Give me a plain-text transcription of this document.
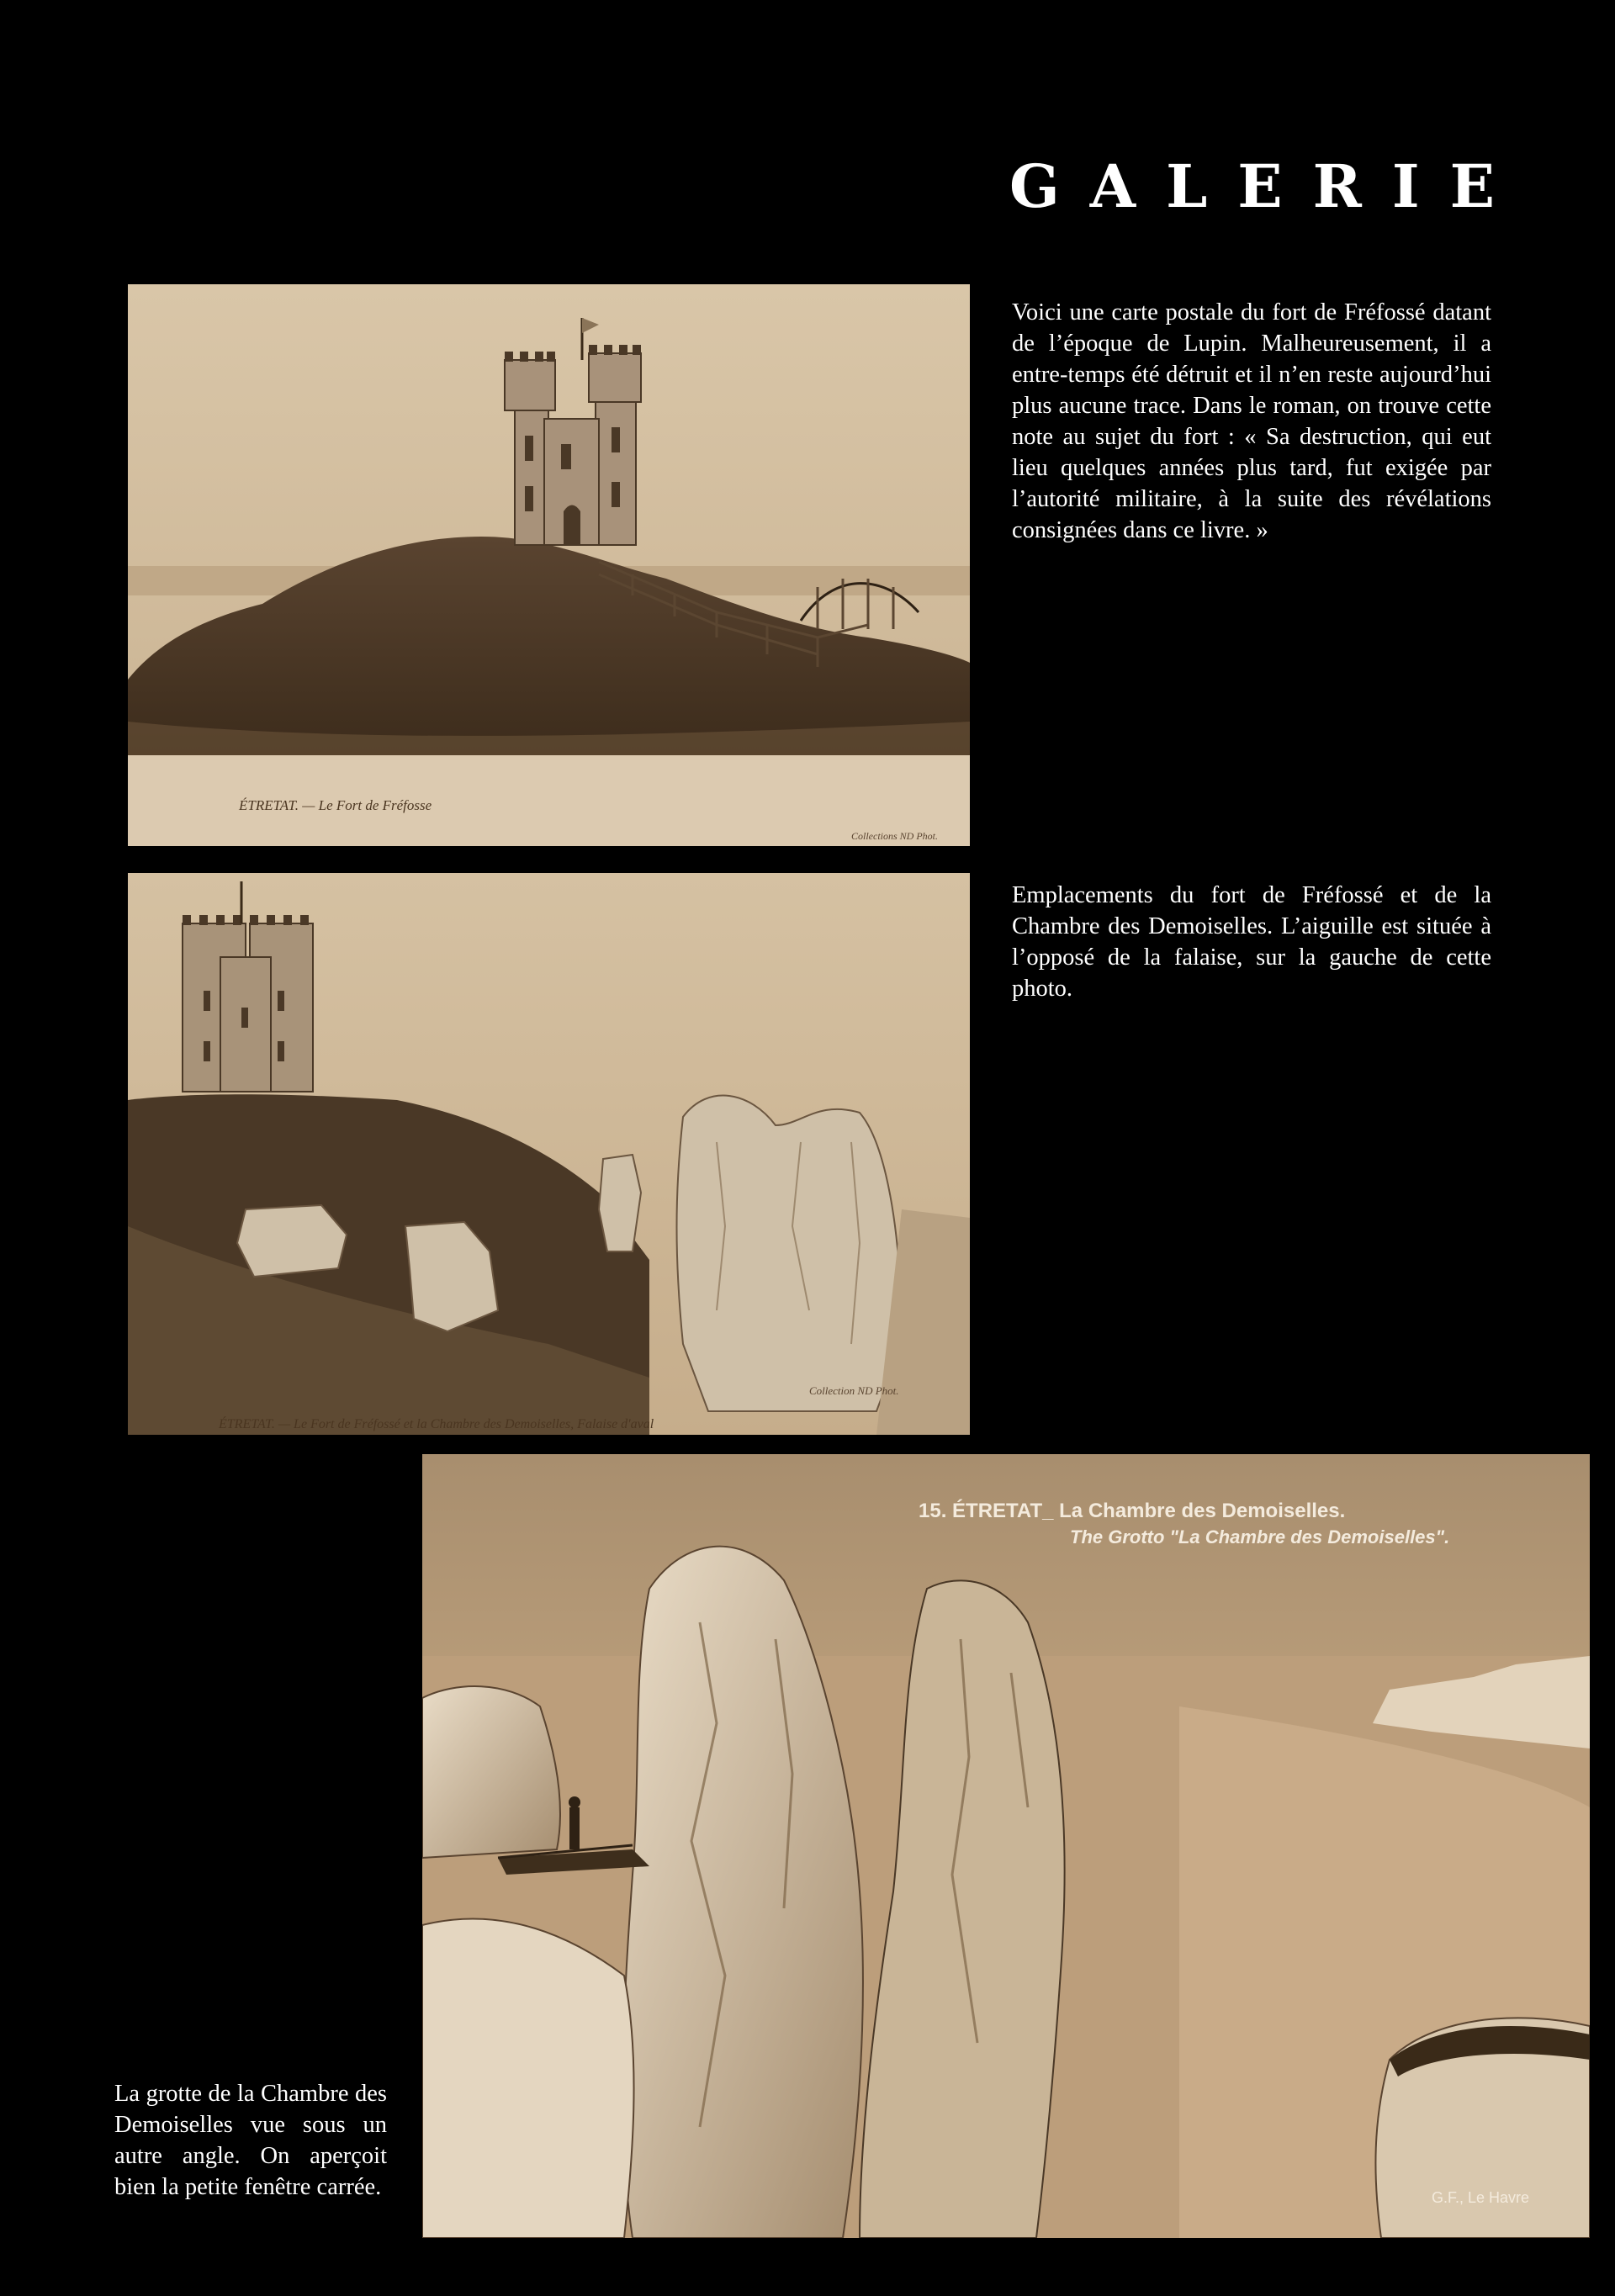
GALERIE
ÉTRETAT. — Le Fort de Fréfosse
Collections ND Phot.
Voici une carte postale du fort de Fréfossé datant de l’époque de Lupin. Malheureusement, il a entre-temps été détruit et il n’en reste aujourd’hui plus aucune trace. Dans le roman, on trouve cette note au sujet du fort : « Sa destruction, qui eut lieu quelques années plus tard, fut exigée par l’autorité militaire, à la suite des révélations consignées dans ce livre. »
ÉTRETAT. — Le Fort de Fréfossé et la Chambre des Demoiselles, Falaise d'aval
Collection ND Phot.
Emplacements du fort de Fréfossé et de la Chambre des Demoiselles. L’aiguille est située à l’opposé de la falaise, sur la gauche de cette photo.
15. ÉTRETAT_ La Chambre des Demoiselles.
The Grotto "La Chambre des Demoiselles".
G.F., Le Havre
La grotte de la Chambre des Demoiselles vue sous un autre angle. On aperçoit bien la petite fenêtre carrée.
